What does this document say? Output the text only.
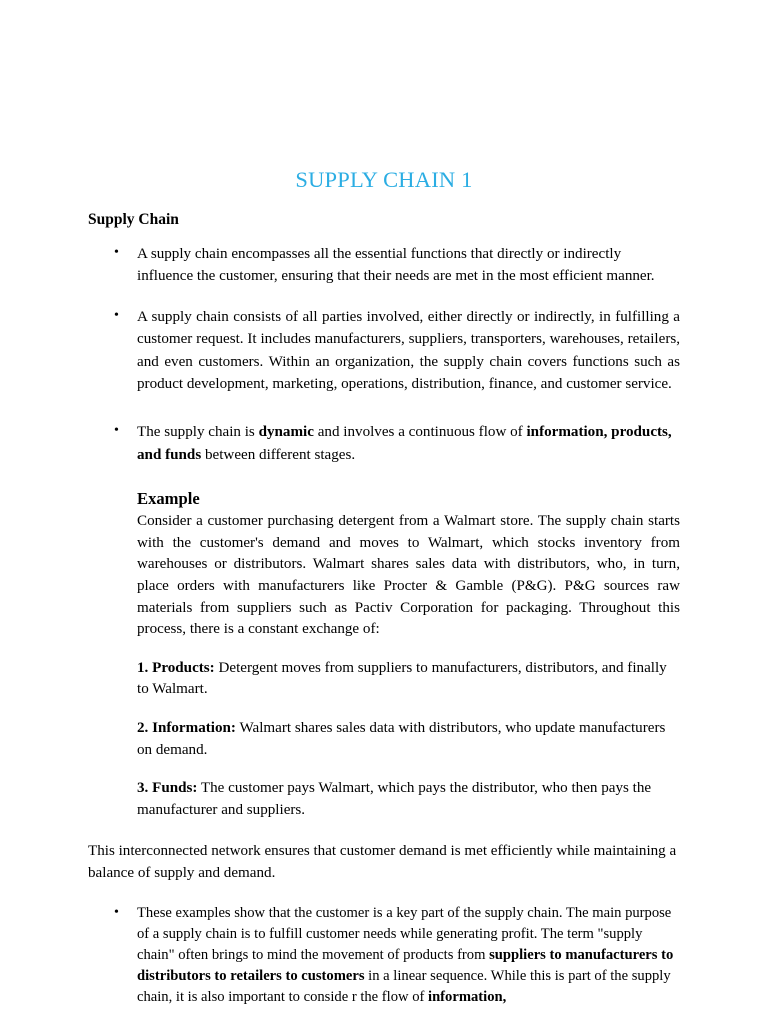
SUPPLY CHAIN 1
Supply Chain
• A supply chain encompasses all the essential functions that directly or indirectly influence the customer, ensuring that their needs are met in the most efficient manner.
• A supply chain consists of all parties involved, either directly or indirectly, in fulfilling a customer request. It includes manufacturers, suppliers, transporters, warehouses, retailers, and even customers. Within an organization, the supply chain covers functions such as product development, marketing, operations, distribution, finance, and customer service.
• The supply chain is dynamic and involves a continuous flow of information, products, and funds between different stages.
Example

Consider a customer purchasing detergent from a Walmart store. The supply chain starts with the customer's demand and moves to Walmart, which stocks inventory from warehouses or distributors. Walmart shares sales data with distributors, who, in turn, place orders with manufacturers like Procter & Gamble (P&G). P&G sources raw materials from suppliers such as Pactiv Corporation for packaging. Throughout this process, there is a constant exchange of:

1. Products: Detergent moves from suppliers to manufacturers, distributors, and finally to Walmart.

2. Information: Walmart shares sales data with distributors, who update manufacturers on demand.

3. Funds: The customer pays Walmart, which pays the distributor, who then pays the manufacturer and suppliers.

This interconnected network ensures that customer demand is met efficiently while maintaining a balance of supply and demand.

• These examples show that the customer is a key part of the supply chain. The main purpose of a supply chain is to fulfill customer needs while generating profit. The term "supply chain" often brings to mind the movement of products from suppliers to manufacturers to distributors to retailers to customers in a linear sequence. While this is part of the supply chain, it is also important to conside r the flow of information,
